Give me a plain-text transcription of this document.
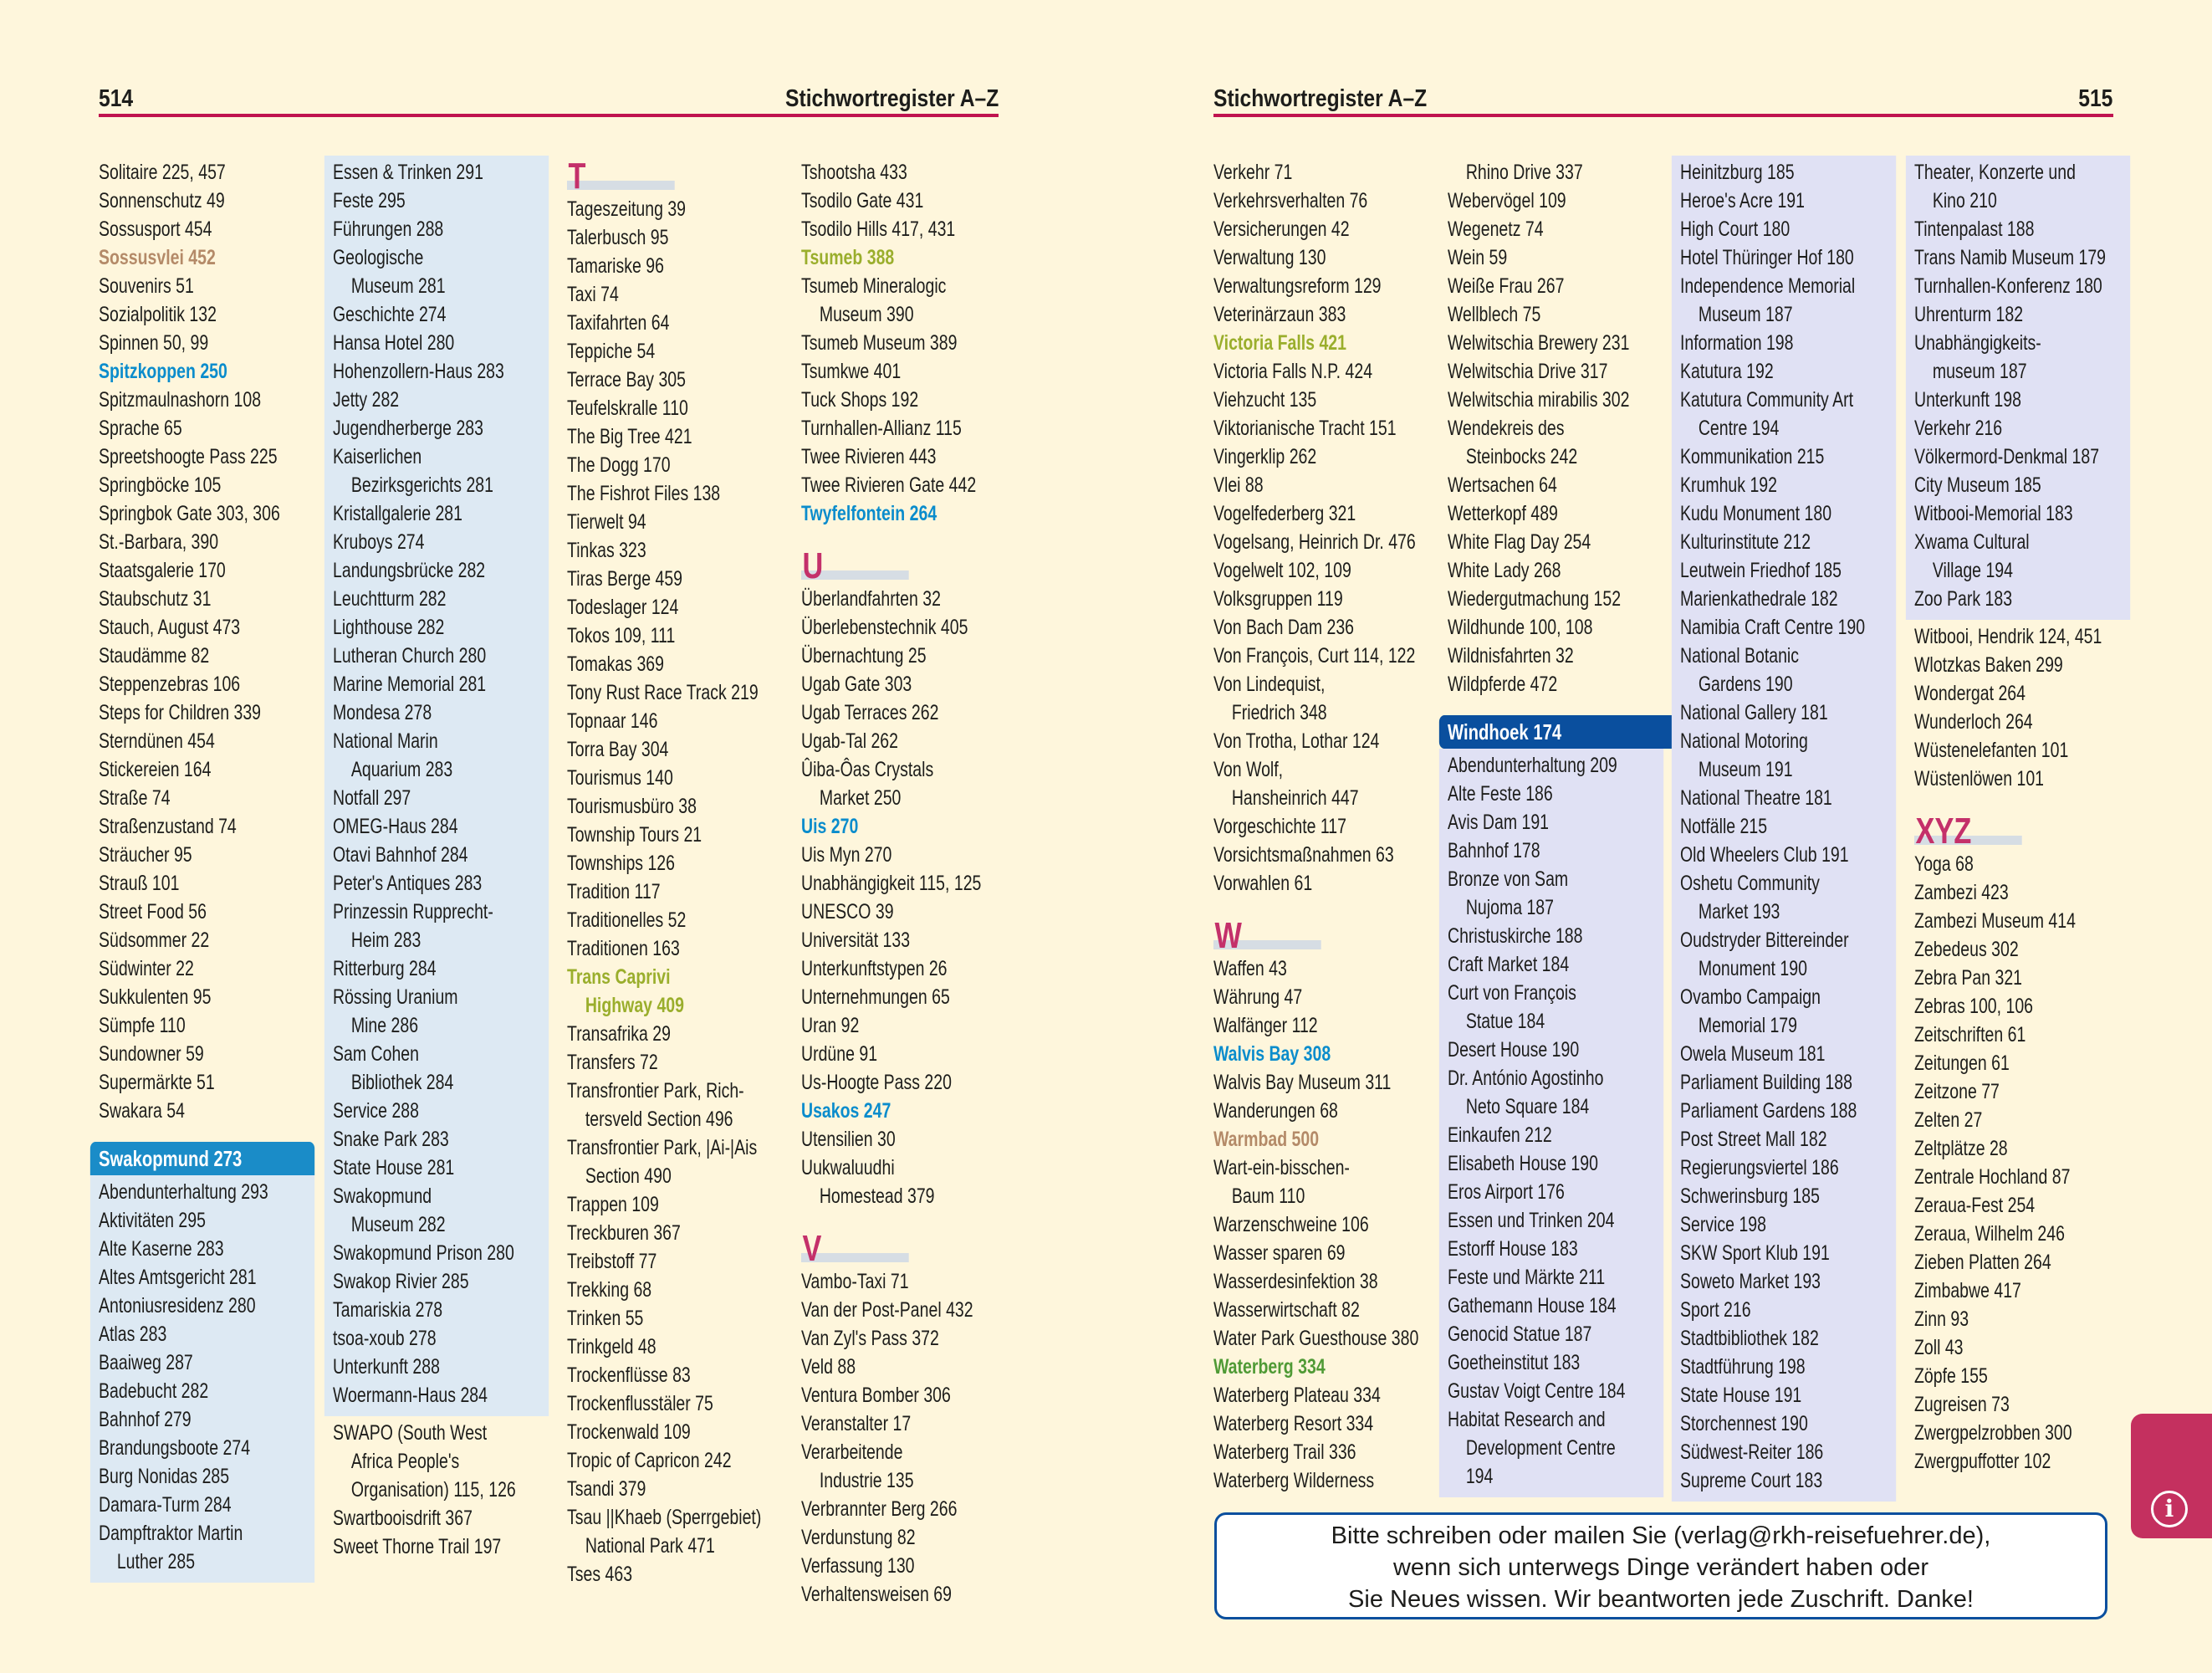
514	Stichwortregister A–Z	Stichwortregister A–Z	515
Solitaire 225, 457
Sonnenschutz 49
Sossusport 454
Sossusvlei 452
Souvenirs 51
Sozialpolitik 132
Spinnen 50, 99
Spitzkoppen 250
Spitzmaulnashorn 108
Sprache 65
Spreetshoogte Pass 225
Springböcke 105
Springbok Gate 303, 306
St.-Barbara, 390
Staatsgalerie 170
Staubschutz 31
Stauch, August 473
Staudämme 82
Steppenzebras 106
Steps for Children 339
Sterndünen 454
Stickereien 164
Straße 74
Straßenzustand 74
Sträucher 95
Strauß 101
Street Food 56
Südsommer 22
Südwinter 22
Sukkulenten 95
Sümpfe 110
Sundowner 59
Supermärkte 51
Swakara 54
Swakopmund 273
Abendunterhaltung 293
Aktivitäten 295
Alte Kaserne 283
Altes Amtsgericht 281
Antoniusresidenz 280
Atlas 283
Baaiweg 287
Badebucht 282
Bahnhof 279
Brandungsboote 274
Burg Nonidas 285
Damara-Turm 284
Dampftraktor Martin
Luther 285
Essen & Trinken 291
Feste 295
Führungen 288
Geologische
Museum 281
Geschichte 274
Hansa Hotel 280
Hohenzollern-Haus 283
Jetty 282
Jugendherberge 283
Kaiserlichen
Bezirksgerichts 281
Kristallgalerie 281
Kruboys 274
Landungsbrücke 282
Leuchtturm 282
Lighthouse 282
Lutheran Church 280
Marine Memorial 281
Mondesa 278
National Marin
Aquarium 283
Notfall 297
OMEG-Haus 284
Otavi Bahnhof 284
Peter's Antiques 283
Prinzessin Rupprecht-
Heim 283
Ritterburg 284
Rössing Uranium
Mine 286
Sam Cohen
Bibliothek 284
Service 288
Snake Park 283
State House 281
Swakopmund
Museum 282
Swakopmund Prison 280
Swakop Rivier 285
Tamariskia 278
tsoa-xoub 278
Unterkunft 288
Woermann-Haus 284
SWAPO (South West
Africa People's
Organisation) 115, 126
Swartbooisdrift 367
Sweet Thorne Trail 197
T
Tageszeitung 39
Talerbusch 95
Tamariske 96
Taxi 74
Taxifahrten 64
Teppiche 54
Terrace Bay 305
Teufelskralle 110
The Big Tree 421
The Dogg 170
The Fishrot Files 138
Tierwelt 94
Tinkas 323
Tiras Berge 459
Todeslager 124
Tokos 109, 111
Tomakas 369
Tony Rust Race Track 219
Topnaar 146
Torra Bay 304
Tourismus 140
Tourismusbüro 38
Township Tours 21
Townships 126
Tradition 117
Traditionelles 52
Traditionen 163
Trans Caprivi
Highway 409
Transafrika 29
Transfers 72
Transfrontier Park, Rich-
tersveld Section 496
Transfrontier Park, |Ai-|Ais
Section 490
Trappen 109
Treckburen 367
Treibstoff 77
Trekking 68
Trinken 55
Trinkgeld 48
Trockenflüsse 83
Trockenflusstäler 75
Trockenwald 109
Tropic of Capricon 242
Tsandi 379
Tsau ||Khaeb (Sperrgebiet)
National Park 471
Tses 463
Tshootsha 433
Tsodilo Gate 431
Tsodilo Hills 417, 431
Tsumeb 388
Tsumeb Mineralogic
Museum 390
Tsumeb Museum 389
Tsumkwe 401
Tuck Shops 192
Turnhallen-Allianz 115
Twee Rivieren 443
Twee Rivieren Gate 442
Twyfelfontein 264
U
Überlandfahrten 32
Überlebenstechnik 405
Übernachtung 25
Ugab Gate 303
Ugab Terraces 262
Ugab-Tal 262
Ûiba-Ôas Crystals
Market 250
Uis 270
Uis Myn 270
Unabhängigkeit 115, 125
UNESCO 39
Universität 133
Unterkunftstypen 26
Unternehmungen 65
Uran 92
Urdüne 91
Us-Hoogte Pass 220
Usakos 247
Utensilien 30
Uukwaluudhi
Homestead 379
V
Vambo-Taxi 71
Van der Post-Panel 432
Van Zyl's Pass 372
Veld 88
Ventura Bomber 306
Veranstalter 17
Verarbeitende
Industrie 135
Verbrannter Berg 266
Verdunstung 82
Verfassung 130
Verhaltensweisen 69
Verkehr 71
Verkehrsverhalten 76
Versicherungen 42
Verwaltung 130
Verwaltungsreform 129
Veterinärzaun 383
Victoria Falls 421
Victoria Falls N.P. 424
Viehzucht 135
Viktorianische Tracht 151
Vingerklip 262
Vlei 88
Vogelfederberg 321
Vogelsang, Heinrich Dr. 476
Vogelwelt 102, 109
Volksgruppen 119
Von Bach Dam 236
Von François, Curt 114, 122
Von Lindequist,
Friedrich 348
Von Trotha, Lothar 124
Von Wolf,
Hansheinrich 447
Vorgeschichte 117
Vorsichtsmaßnahmen 63
Vorwahlen 61
W
Waffen 43
Währung 47
Walfänger 112
Walvis Bay 308
Walvis Bay Museum 311
Wanderungen 68
Warmbad 500
Wart-ein-bisschen-
Baum 110
Warzenschweine 106
Wasser sparen 69
Wasserdesinfektion 38
Wasserwirtschaft 82
Water Park Guesthouse 380
Waterberg 334
Waterberg Plateau 334
Waterberg Resort 334
Waterberg Trail 336
Waterberg Wilderness
Rhino Drive 337
Webervögel 109
Wegenetz 74
Wein 59
Weiße Frau 267
Wellblech 75
Welwitschia Brewery 231
Welwitschia Drive 317
Welwitschia mirabilis 302
Wendekreis des
Steinbocks 242
Wertsachen 64
Wetterkopf 489
White Flag Day 254
White Lady 268
Wiedergutmachung 152
Wildhunde 100, 108
Wildnisfahrten 32
Wildpferde 472
Windhoek 174
Abendunterhaltung 209
Alte Feste 186
Avis Dam 191
Bahnhof 178
Bronze von Sam
Nujoma 187
Christuskirche 188
Craft Market 184
Curt von François
Statue 184
Desert House 190
Dr. António Agostinho
Neto Square 184
Einkaufen 212
Elisabeth House 190
Eros Airport 176
Essen und Trinken 204
Estorff House 183
Feste und Märkte 211
Gathemann House 184
Genocid Statue 187
Goetheinstitut 183
Gustav Voigt Centre 184
Habitat Research and
Development Centre
194
Heinitzburg 185
Heroe's Acre 191
High Court 180
Hotel Thüringer Hof 180
Independence Memorial
Museum 187
Information 198
Katutura 192
Katutura Community Art
Centre 194
Kommunikation 215
Krumhuk 192
Kudu Monument 180
Kulturinstitute 212
Leutwein Friedhof 185
Marienkathedrale 182
Namibia Craft Centre 190
National Botanic
Gardens 190
National Gallery 181
National Motoring
Museum 191
National Theatre 181
Notfälle 215
Old Wheelers Club 191
Oshetu Community
Market 193
Oudstryder Bittereinder
Monument 190
Ovambo Campaign
Memorial 179
Owela Museum 181
Parliament Building 188
Parliament Gardens 188
Post Street Mall 182
Regierungsviertel 186
Schwerinsburg 185
Service 198
SKW Sport Klub 191
Soweto Market 193
Sport 216
Stadtbibliothek 182
Stadtführung 198
State House 191
Storchennest 190
Südwest-Reiter 186
Supreme Court 183
Theater, Konzerte und
Kino 210
Tintenpalast 188
Trans Namib Museum 179
Turnhallen-Konferenz 180
Uhrenturm 182
Unabhängigkeits-
museum 187
Unterkunft 198
Verkehr 216
Völkermord-Denkmal 187
City Museum 185
Witbooi-Memorial 183
Xwama Cultural
Village 194
Zoo Park 183
Witbooi, Hendrik 124, 451
Wlotzkas Baken 299
Wondergat 264
Wunderloch 264
Wüstenelefanten 101
Wüstenlöwen 101
XYZ
Yoga 68
Zambezi 423
Zambezi Museum 414
Zebedeus 302
Zebra Pan 321
Zebras 100, 106
Zeitschriften 61
Zeitungen 61
Zeitzone 77
Zelten 27
Zeltplätze 28
Zentrale Hochland 87
Zeraua-Fest 254
Zeraua, Wilhelm 246
Zieben Platten 264
Zimbabwe 417
Zinn 93
Zoll 43
Zöpfe 155
Zugreisen 73
Zwergpelzrobben 300
Zwergpuffotter 102
Bitte schreiben oder mailen Sie (verlag@rkh-reisefuehrer.de),
wenn sich unterwegs Dinge verändert haben oder
Sie Neues wissen. Wir beantworten jede Zuschrift. Danke!
i
